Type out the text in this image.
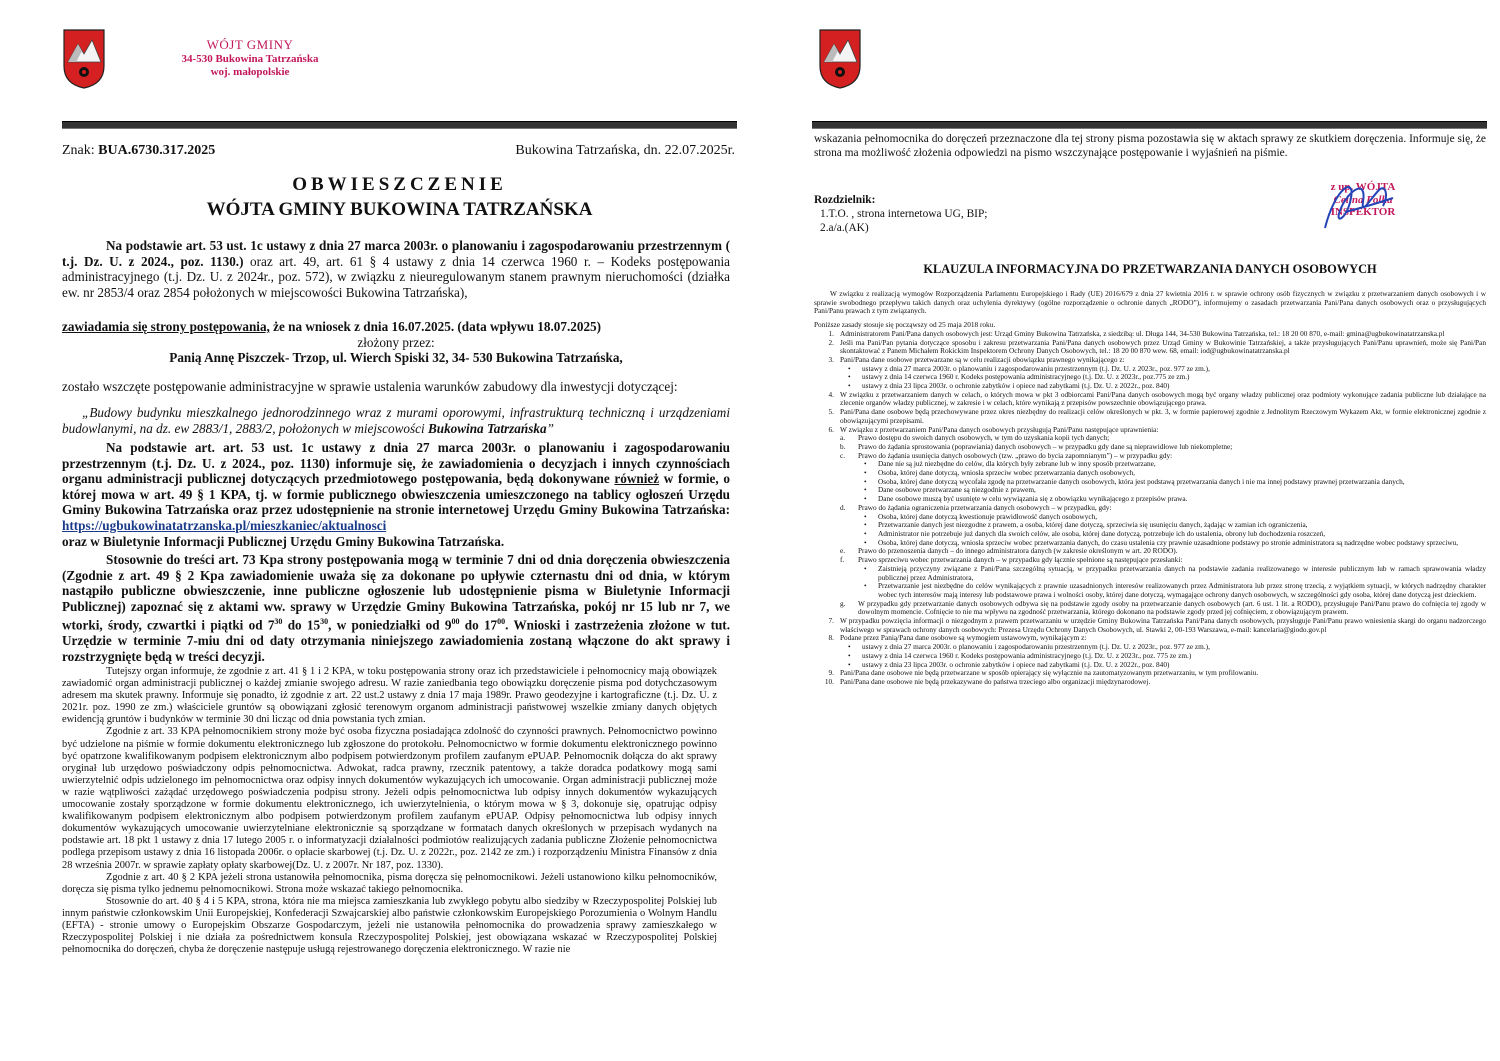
WÓJT GMINY
34-530 Bukowina Tatrzańska
woj. małopolskie
Znak: BUA.6730.317.2025	Bukowina Tatrzańska, dn. 22.07.2025r.
OBWIESZCZENIE
WÓJTA GMINY BUKOWINA TATRZAŃSKA

Na podstawie art. 53 ust. 1c ustawy z dnia 27 marca 2003r. o planowaniu i zagospodarowaniu przestrzennym ( t.j. Dz. U. z 2024., poz. 1130.) oraz art. 49, art. 61 § 4 ustawy z dnia 14 czerwca 1960 r. – Kodeks postępowania administracyjnego (t.j. Dz. U. z 2024r., poz. 572), w związku z nieuregulowanym stanem prawnym nieruchomości (działka ew. nr 2853/4 oraz 2854 położonych w miejscowości Bukowina Tatrzańska),

zawiadamia się strony postępowania, że na wniosek z dnia 16.07.2025. (data wpływu 18.07.2025)

złożony przez:

Panią Annę Piszczek- Trzop, ul. Wierch Spiski 32, 34- 530 Bukowina Tatrzańska,

zostało wszczęte postępowanie administracyjne w sprawie ustalenia warunków zabudowy dla inwestycji dotyczącej:

„Budowy budynku mieszkalnego jednorodzinnego wraz z murami oporowymi, infrastrukturą techniczną i urządzeniami budowlanymi, na dz. ew 2883/1, 2883/2, położonych w miejscowości Bukowina Tatrzańska”

Na podstawie art. art. 53 ust. 1c ustawy z dnia 27 marca 2003r. o planowaniu i zagospodarowaniu przestrzennym (t.j. Dz. U. z 2024., poz. 1130) informuje się, że zawiadomienia o decyzjach i innych czynnościach organu administracji publicznej dotyczących przedmiotowego postępowania, będą dokonywane również w formie, o której mowa w art. 49 § 1 KPA, tj. w formie publicznego obwieszczenia umieszczonego na tablicy ogłoszeń Urzędu Gminy Bukowina Tatrzańska oraz przez udostępnienie na stronie internetowej Urzędu Gminy Bukowina Tatrzańska: https://ugbukowinatatrzanska.pl/mieszkaniec/aktualnosci

oraz w Biuletynie Informacji Publicznej Urzędu Gminy Bukowina Tatrzańska.

Stosownie do treści art. 73 Kpa strony postępowania mogą w terminie 7 dni od dnia doręczenia obwieszczenia (Zgodnie z art. 49 § 2 Kpa zawiadomienie uważa się za dokonane po upływie czternastu dni od dnia, w którym nastąpiło publiczne obwieszczenie, inne publiczne ogłoszenie lub udostępnienie pisma w Biuletynie Informacji Publicznej) zapoznać się z aktami ww. sprawy w Urzędzie Gminy Bukowina Tatrzańska, pokój nr 15 lub nr 7, we wtorki, środy, czwartki i piątki od $7^{30}$ do $15^{30}$, w poniedziałki od $9^{00}$ do $17^{00}$. Wnioski i zastrzeżenia złożone w tut. Urzędzie w terminie 7-miu dni od daty otrzymania niniejszego zawiadomienia zostaną włączone do akt sprawy i rozstrzygnięte będą w treści decyzji.

Tutejszy organ informuje, że zgodnie z art. 41 § 1 i 2 KPA, w toku postępowania strony oraz ich przedstawiciele i pełnomocnicy mają obowiązek zawiadomić organ administracji publicznej o każdej zmianie swojego adresu. W razie zaniedbania tego obowiązku doręczenie pisma pod dotychczasowym adresem ma skutek prawny. Informuje się ponadto, iż zgodnie z art. 22 ust.2 ustawy z dnia 17 maja 1989r. Prawo geodezyjne i kartograficzne (t.j. Dz. U. z 2021r. poz. 1990 ze zm.) właściciele gruntów są obowiązani zgłosić terenowym organom administracji państwowej wszelkie zmiany danych objętych ewidencją gruntów i budynków w terminie 30 dni licząc od dnia powstania tych zmian.

Zgodnie z art. 33 KPA pełnomocnikiem strony może być osoba fizyczna posiadająca zdolność do czynności prawnych. Pełnomocnictwo powinno być udzielone na piśmie w formie dokumentu elektronicznego lub zgłoszone do protokołu. Pełnomocnictwo w formie dokumentu elektronicznego powinno być opatrzone kwalifikowanym podpisem elektronicznym albo podpisem potwierdzonym profilem zaufanym ePUAP. Pełnomocnik dołącza do akt sprawy oryginał lub urzędowo poświadczony odpis pełnomocnictwa. Adwokat, radca prawny, rzecznik patentowy, a także doradca podatkowy mogą sami uwierzytelnić odpis udzielonego im pełnomocnictwa oraz odpisy innych dokumentów wykazujących ich umocowanie. Organ administracji publicznej może w razie wątpliwości zażądać urzędowego poświadczenia podpisu strony. Jeżeli odpis pełnomocnictwa lub odpisy innych dokumentów wykazujących umocowanie zostały sporządzone w formie dokumentu elektronicznego, ich uwierzytelnienia, o którym mowa w § 3, dokonuje się, opatrując odpisy kwalifikowanym podpisem elektronicznym albo podpisem potwierdzonym profilem zaufanym ePUAP. Odpisy pełnomocnictwa lub odpisy innych dokumentów wykazujących umocowanie uwierzytelniane elektronicznie są sporządzane w formatach danych określonych w przepisach wydanych na podstawie art. 18 pkt 1 ustawy z dnia 17 lutego 2005 r. o informatyzacji działalności podmiotów realizujących zadania publiczne Złożenie pełnomocnictwa podlega przepisom ustawy z dnia 16 listopada 2006r. o opłacie skarbowej (t.j. Dz. U. z 2022r., poz. 2142 ze zm.) i rozporządzeniu Ministra Finansów z dnia 28 września 2007r. w sprawie zapłaty opłaty skarbowej(Dz. U. z 2007r. Nr 187, poz. 1330).

Zgodnie z art. 40 § 2 KPA jeżeli strona ustanowiła pełnomocnika, pisma doręcza się pełnomocnikowi. Jeżeli ustanowiono kilku pełnomocników, doręcza się pisma tylko jednemu pełnomocnikowi. Strona może wskazać takiego pełnomocnika.

Stosownie do art. 40 § 4 i 5 KPA, strona, która nie ma miejsca zamieszkania lub zwykłego pobytu albo siedziby w Rzeczypospolitej Polskiej lub innym państwie członkowskim Unii Europejskiej, Konfederacji Szwajcarskiej albo państwie członkowskim Europejskiego Porozumienia o Wolnym Handlu (EFTA) - stronie umowy o Europejskim Obszarze Gospodarczym, jeżeli nie ustanowiła pełnomocnika do prowadzenia sprawy zamieszkałego w Rzeczypospolitej Polskiej i nie działa za pośrednictwem konsula Rzeczypospolitej Polskiej, jest obowiązana wskazać w Rzeczypospolitej Polskiej pełnomocnika do doręczeń, chyba że doręczenie następuje usługą rejestrowanego doręczenia elektronicznego. W razie nie

wskazania pełnomocnika do doręczeń przeznaczone dla tej strony pisma pozostawia się w aktach sprawy ze skutkiem doręczenia. Informuje się, że strona ma możliwość złożenia odpowiedzi na pismo wszczynające postępowanie i wyjaśnień na piśmie.
Rozdzielnik:
1.T.O. , strona internetowa UG, BIP;
2.a/a.(AK)
z up. WÓJTA
Celina Polka
INSPEKTOR
KLAUZULA INFORMACYJNA DO PRZETWARZANIA DANYCH OSOBOWYCH

W związku z realizacją wymogów Rozporządzenia Parlamentu Europejskiego i Rady (UE) 2016/679 z dnia 27 kwietnia 2016 r. w sprawie ochrony osób fizycznych w związku z przetwarzaniem danych osobowych i w sprawie swobodnego przepływu takich danych oraz uchylenia dyrektywy (ogólne rozporządzenie o ochronie danych „RODO”), informujemy o zasadach przetwarzania Pani/Pana danych osobowych oraz o przysługujących Pani/Panu prawach z tym związanych.

Poniższe zasady stosuje się począwszy od 25 maja 2018 roku.

1. Administratorem Pani/Pana danych osobowych jest: Urząd Gminy Bukowina Tatrzańska, z siedzibą: ul. Długa 144, 34-530 Bukowina Tatrzańska, tel.: 18 20 00 870, e-mail: gmina@ugbukowinatatrzanska.pl
2. Jeśli ma Pani/Pan pytania dotyczące sposobu i zakresu przetwarzania Pani/Pana danych osobowych przez Urząd Gminy w Bukowinie Tatrzańskiej, a także przysługujących Pani/Panu uprawnień, może się Pani/Pan skontaktować z Panem Michałem Rokickim Inspektorem Ochrony Danych Osobowych, tel.: 18 20 00 870 wew. 68, email: iod@ugbukowinatatrzanska.pl
3. Pani/Pana dane osobowe przetwarzane są w celu realizacji obowiązku prawnego wynikającego z:
•	ustawy z dnia 27 marca 2003r. o planowaniu i zagospodarowaniu przestrzennym (t.j. Dz. U. z 2023r., poz. 977 ze zm.),
•	ustawy z dnia 14 czerwca 1960 r. Kodeks postępowania administracyjnego (t.j. Dz. U. z 2023r., poz.775 ze zm.)
•	ustawy z dnia 23 lipca 2003r. o ochronie zabytków i opiece nad zabytkami (t.j. Dz. U. z 2022r., poz. 840)
4. W związku z przetwarzaniem danych w celach, o których mowa w pkt 3 odbiorcami Pani/Pana danych osobowych mogą być organy władzy publicznej oraz podmioty wykonujące zadania publiczne lub działające na zlecenie organów władzy publicznej, w zakresie i w celach, które wynikają z przepisów powszechnie obowiązującego prawa.
5. Pani/Pana dane osobowe będą przechowywane przez okres niezbędny do realizacji celów określonych w pkt. 3, w formie papierowej zgodnie z Jednolitym Rzeczowym Wykazem Akt, w formie elektronicznej zgodnie z obowiązującymi przepisami.
6. W związku z przetwarzaniem Pani/Pana danych osobowych przysługują Pani/Panu następujące uprawnienia:
a.	Prawo dostępu do swoich danych osobowych, w tym do uzyskania kopii tych danych;
b.	Prawo do żądania sprostowania (poprawiania) danych osobowych – w przypadku gdy dane są nieprawidłowe lub niekompletne;
c.	Prawo do żądania usunięcia danych osobowych (tzw. „prawo do bycia zapomnianym”) – w przypadku gdy:
•	Dane nie są już niezbędne do celów, dla których były zebrane lub w inny sposób przetwarzane,
•	Osoba, której dane dotyczą, wniosła sprzeciw wobec przetwarzania danych osobowych,
•	Osoba, której dane dotyczą wycofała zgodę na przetwarzanie danych osobowych, która jest podstawą przetwarzania danych i nie ma innej podstawy prawnej przetwarzania danych,
•	Dane osobowe przetwarzane są niezgodnie z prawem,
•	Dane osobowe muszą być usunięte w celu wywiązania się z obowiązku wynikającego z przepisów prawa.
d.	Prawo do żądania ograniczenia przetwarzania danych osobowych – w przypadku, gdy:
•	Osoba, której dane dotyczą kwestionuje prawidłowość danych osobowych,
•	Przetwarzanie danych jest niezgodne z prawem, a osoba, której dane dotyczą, sprzeciwia się usunięciu danych, żądając w zamian ich ograniczenia,
•	Administrator nie potrzebuje już danych dla swoich celów, ale osoba, której dane dotyczą, potrzebuje ich do ustalenia, obrony lub dochodzenia roszczeń,
•	Osoba, której dane dotyczą, wniosła sprzeciw wobec przetwarzania danych, do czasu ustalenia czy prawnie uzasadnione podstawy po stronie administratora są nadrzędne wobec podstawy sprzeciwu,
e.	Prawo do przenoszenia danych – do innego administratora danych (w zakresie określonym w art. 20 RODO).
f.	Prawo sprzeciwu wobec przetwarzania danych – w przypadku gdy łącznie spełnione są następujące przesłanki:
•	Zaistnieją przyczyny związane z Pani/Pana szczególną sytuacją, w przypadku przetwarzania danych na podstawie zadania realizowanego w interesie publicznym lub w ramach sprawowania władzy publicznej przez Administratora,
•	Przetwarzanie jest niezbędne do celów wynikających z prawnie uzasadnionych interesów realizowanych przez Administratora lub przez stronę trzecią, z wyjątkiem sytuacji, w których nadrzędny charakter wobec tych interesów mają interesy lub podstawowe prawa i wolności osoby, której dane dotyczą, wymagające ochrony danych osobowych, w szczególności gdy osoba, której dane dotyczą jest dzieckiem.
g.	W przypadku gdy przetwarzanie danych osobowych odbywa się na podstawie zgody osoby na przetwarzanie danych osobowych (art. 6 ust. 1 lit. a RODO), przysługuje Pani/Panu prawo do cofnięcia tej zgody w dowolnym momencie. Cofnięcie to nie ma wpływu na zgodność przetwarzania, którego dokonano na podstawie zgody przed jej cofnięciem, z obowiązującym prawem.
7. W przypadku powzięcia informacji o niezgodnym z prawem przetwarzaniu w urzędzie Gminy Bukowina Tatrzańska Pani/Pana danych osobowych, przysługuje Pani/Panu prawo wniesienia skargi do organu nadzorczego właściwego w sprawach ochrony danych osobowych: Prezesa Urzędu Ochrony Danych Osobowych, ul. Stawki 2, 00-193 Warszawa, e-mail: kancelaria@giodo.gov.pl
8. Podane przez Panią/Pana dane osobowe są wymogiem ustawowym, wynikającym z:
•	ustawy z dnia 27 marca 2003r. o planowaniu i zagospodarowaniu przestrzennym (t.j. Dz. U. z 2023r., poz. 977 ze zm.),
•	ustawy z dnia 14 czerwca 1960 r. Kodeks postępowania administracyjnego (t.j. Dz. U. z 2023r., poz. 775 ze zm.)
•	ustawy z dnia 23 lipca 2003r. o ochronie zabytków i opiece nad zabytkami (t.j. Dz. U. z 2022r., poz. 840)
9. Pani/Pana dane osobowe nie będą przetwarzane w sposób opierający się wyłącznie na zautomatyzowanym przetwarzaniu, w tym profilowaniu.
10. Pani/Pana dane osobowe nie będą przekazywane do państwa trzeciego albo organizacji międzynarodowej.
